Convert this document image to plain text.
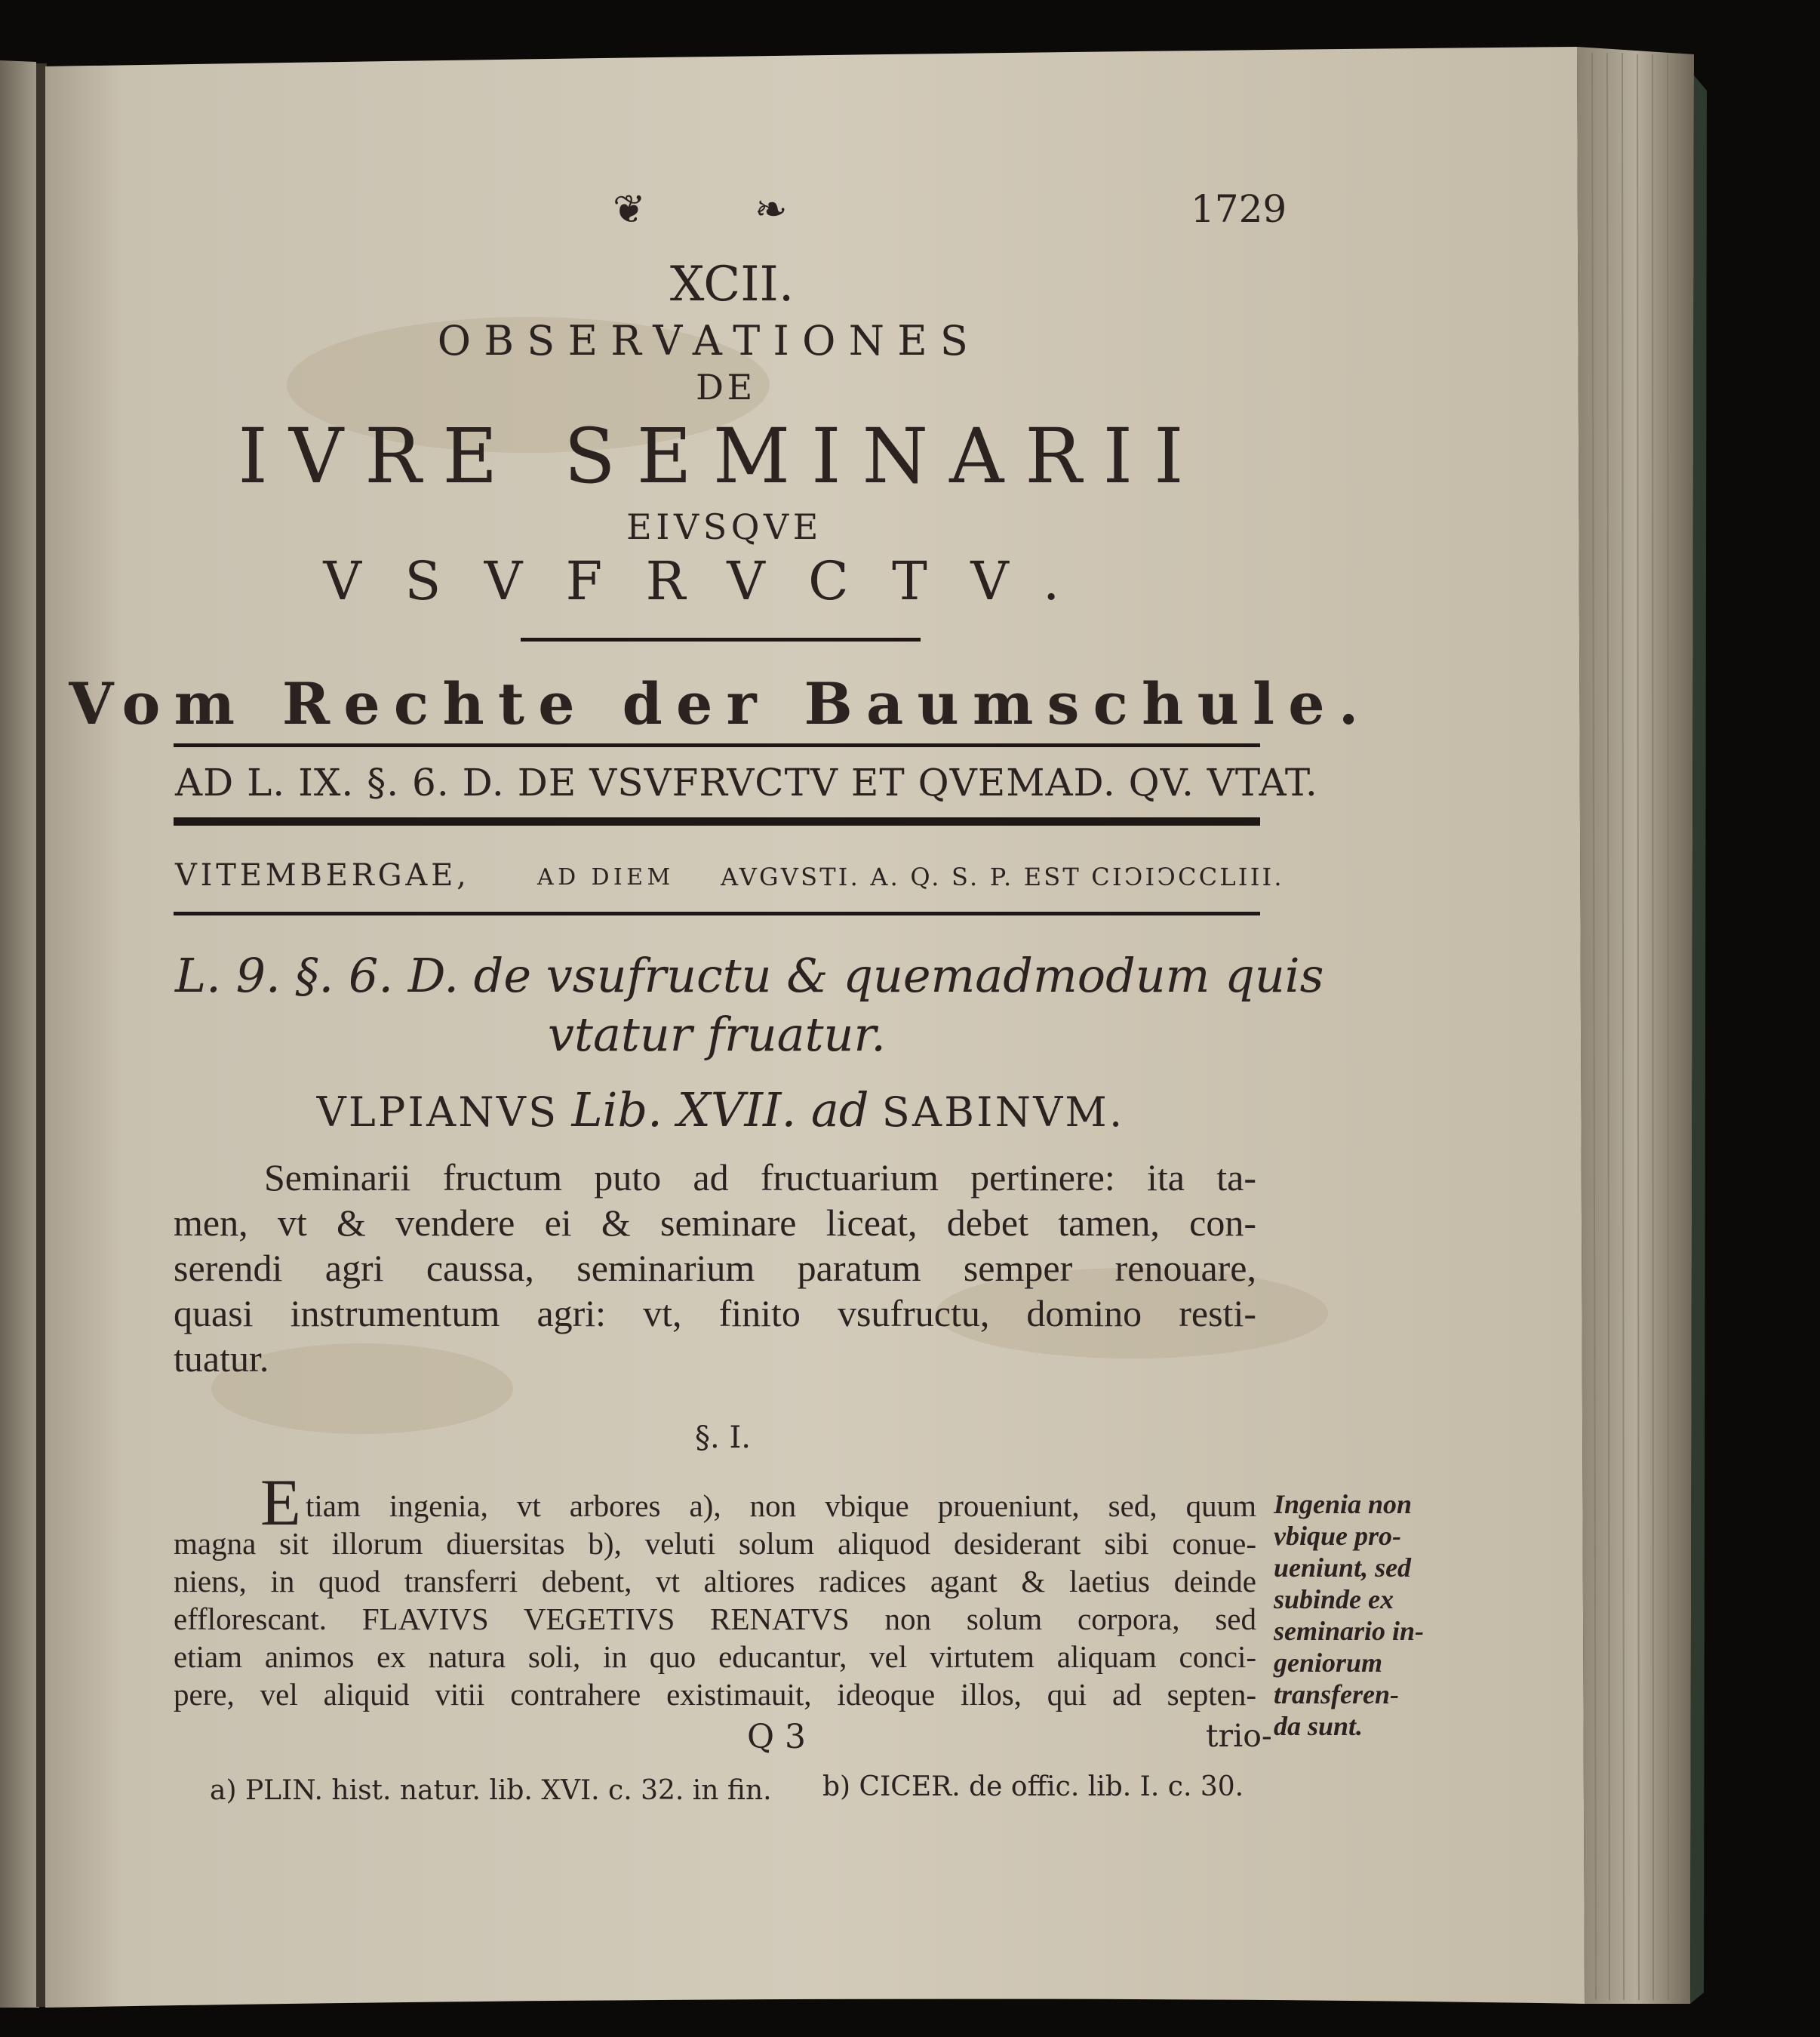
❦	❧	1729
XCII.
OBSERVATIONES
DE
IVRE SEMINARII
EIVSQVE
VSVFRVCTV.
Vom Rechte der Baumschule.
AD L. IX. §. 6. D. DE VSVFRVCTV ET QVEMAD. QV. VTAT.
VITEMBERGAE,	AD DIEM AVGVSTI. A. Q. S. P. EST CIↃIↃCCLIII.
L. 9. §. 6. D. de vsufructu & quemadmodum quis
vtatur fruatur.
VLPIANVS Lib. XVII. ad SABINVM.
Seminarii fructum puto ad fructuarium pertinere: ita ta-
men, vt & vendere ei & seminare liceat, debet tamen, con-
serendi agri caussa, seminarium paratum semper renouare,
quasi instrumentum agri: vt, finito vsufructu, domino resti-
tuatur.
§. I.
E tiam ingenia, vt arbores a), non vbique proueniunt, sed, quum
magna sit illorum diuersitas b), veluti solum aliquod desiderant sibi conue-
niens, in quod transferri debent, vt altiores radices agant & laetius deinde
efflorescant. FLAVIVS VEGETIVS RENATVS non solum corpora, sed
etiam animos ex natura soli, in quo educantur, vel virtutem aliquam conci-
pere, vel aliquid vitii contrahere existimauit, ideoque illos, qui ad septen-
Q 3	trio-
Ingenia non
vbique pro-
ueniunt, sed
subinde ex
seminario in-
geniorum
transferen-
da sunt.
a) PLIN. hist. natur. lib. XVI. c. 32. in fin. b) CICER. de offic. lib. I. c. 30.
